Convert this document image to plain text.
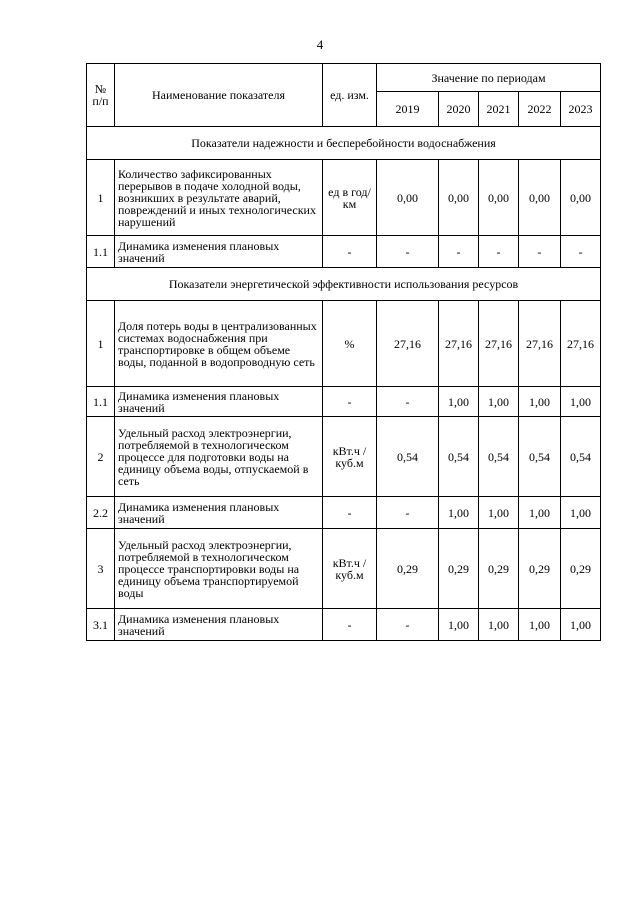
4
№ п/п	Наименование показателя	ед. изм.	Значение по периодам				
			2019	2020	2021	2022	2023
Показатели надежности и бесперебойности водоснабжения							
1	Количество зафиксированных перерывов в подаче холодной воды, возникших в результате аварий, повреждений и иных технологических нарушений	ед в год/ км	0,00	0,00	0,00	0,00	0,00
1.1	Динамика изменения плановых значений	-	-	-	-	-	-
Показатели энергетической эффективности использования ресурсов							
1	Доля потерь воды в централизованных системах водоснабжения при транспортировке в общем объеме воды, поданной в водопроводную сеть	%	27,16	27,16	27,16	27,16	27,16
1.1	Динамика изменения плановых значений	-	-	1,00	1,00	1,00	1,00
2	Удельный расход электроэнергии, потребляемой в технологическом процессе для подготовки воды на единицу объема воды, отпускаемой в сеть	кВт.ч / куб.м	0,54	0,54	0,54	0,54	0,54
2.2	Динамика изменения плановых значений	-	-	1,00	1,00	1,00	1,00
3	Удельный расход электроэнергии, потребляемой в технологическом процессе транспортировки воды на единицу объема транспортируемой воды	кВт.ч / куб.м	0,29	0,29	0,29	0,29	0,29
3.1	Динамика изменения плановых значений	-	-	1,00	1,00	1,00	1,00
